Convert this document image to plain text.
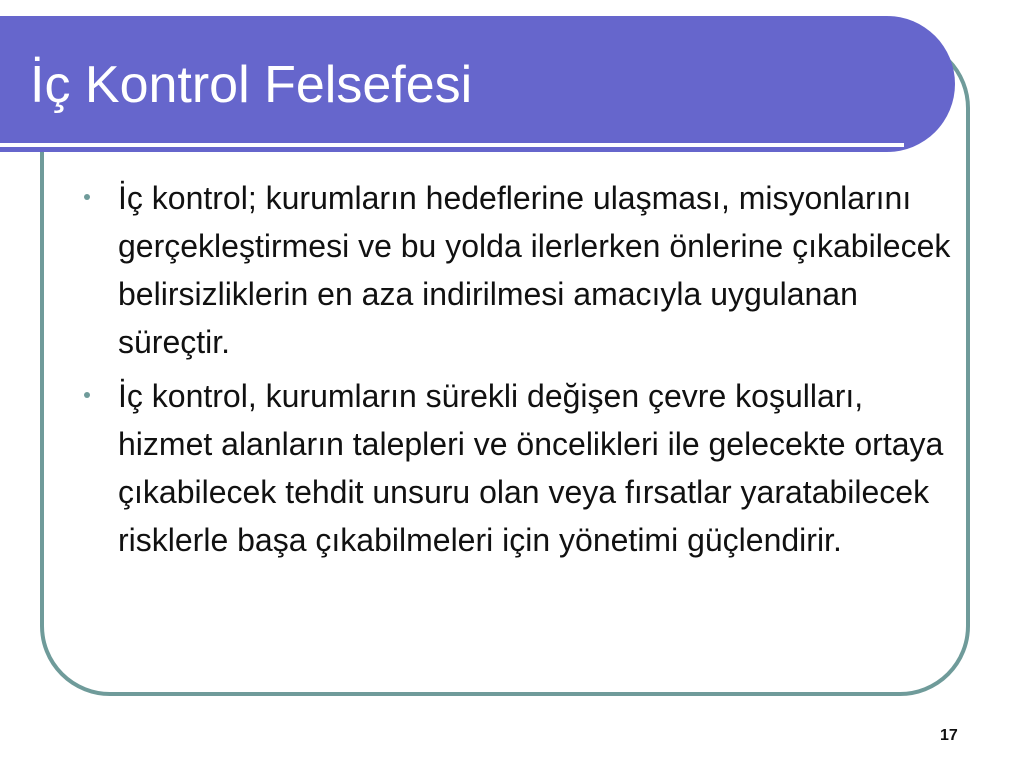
İç Kontrol Felsefesi
İç kontrol; kurumların hedeflerine ulaşması, misyonlarını gerçekleştirmesi ve bu yolda ilerlerken önlerine çıkabilecek belirsizliklerin en aza indirilmesi amacıyla uygulanan süreçtir.
İç kontrol, kurumların sürekli değişen çevre koşulları, hizmet alanların talepleri ve öncelikleri ile gelecekte ortaya çıkabilecek tehdit unsuru olan veya fırsatlar yaratabilecek risklerle başa çıkabilmeleri için yönetimi güçlendirir.
17
